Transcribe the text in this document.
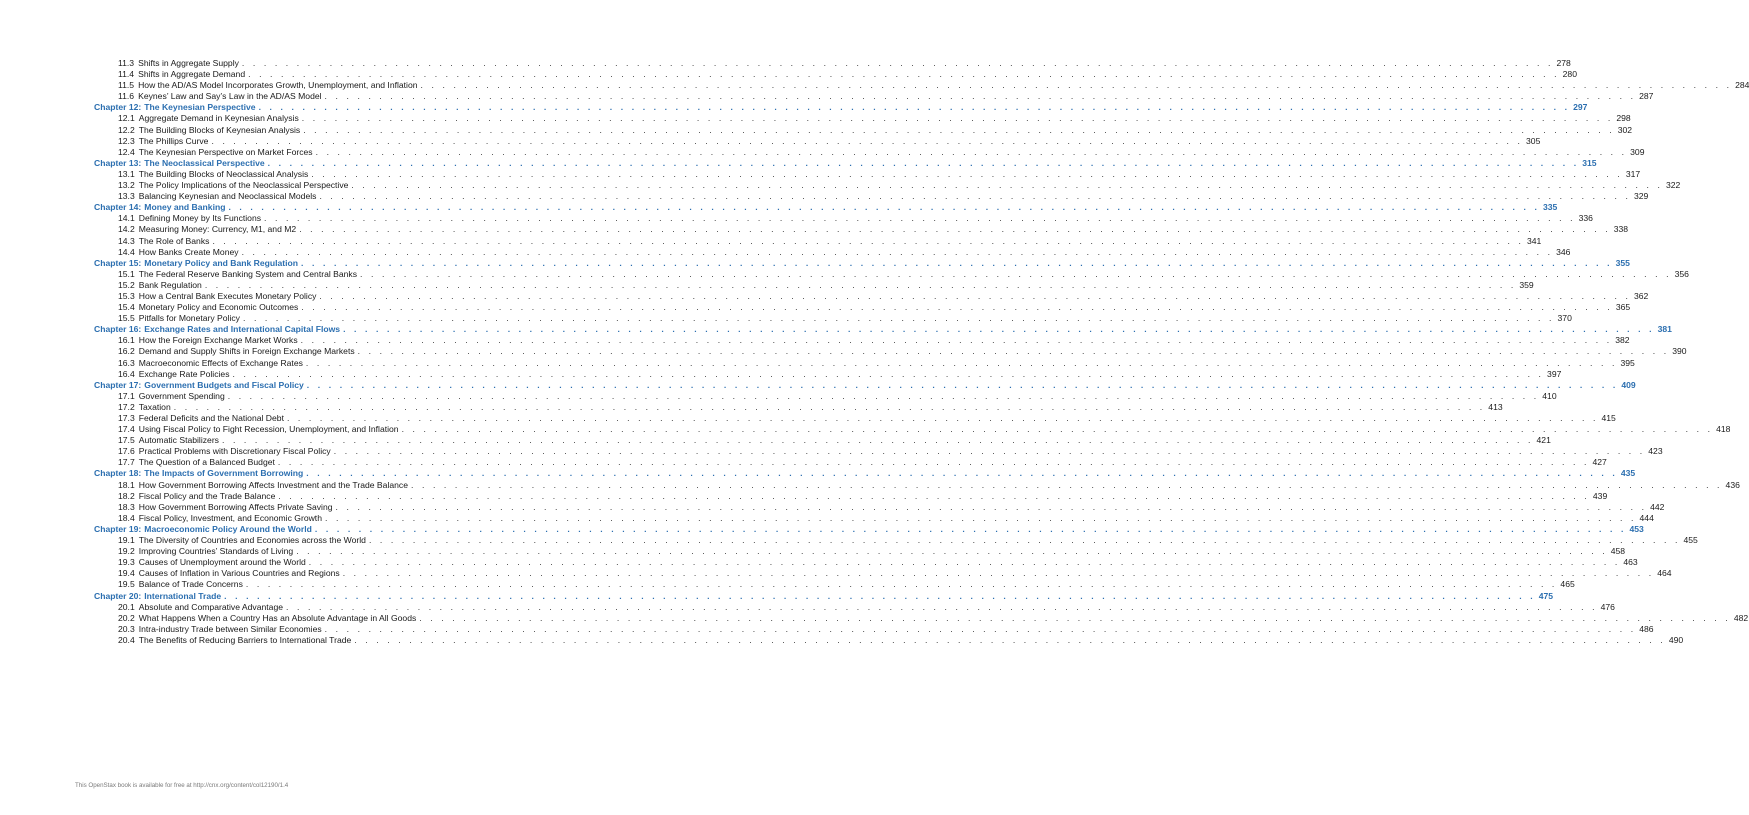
11.3 Shifts in Aggregate Supply . . . . . . . . . . . . . . . . . . . . . . . . . . . . . . . . . . . . . . . . . . . . . . . . . . . . . . . . . . . . . . . . . . . . . . . . . . . . . . . . . . . . . . . . . . . . . . . . . . . . . . . . . . . . . . . . . . . . . . . . 278
11.4 Shifts in Aggregate Demand . . . . . . . . . . . . . . . . . . . . . . . . . . . . . . . . . . . . . . . . . . . . . . . . . . . . . . . . . . . . . . . . . . . . . . . . . . . . . . . . . . . . . . . . . . . . . . . . . . . . . . . . . . . . . . . . . . . . . . . . 280
11.5 How the AD/AS Model Incorporates Growth, Unemployment, and Inflation . . . . . . . . . . . . . . . . . . . . . . . . . . . . . . . . . . . . . . . . . . . . . . . . . . . . . . . . . . . . . . . . . . . . . . . . . . . . . . . . . . . . . . . . . . . . . . . . . . . . . . . . . . . . . . . . . . . . . . . . 284
11.6 Keynes’ Law and Say’s Law in the AD/AS Model . . . . . . . . . . . . . . . . . . . . . . . . . . . . . . . . . . . . . . . . . . . . . . . . . . . . . . . . . . . . . . . . . . . . . . . . . . . . . . . . . . . . . . . . . . . . . . . . . . . . . . . . . . . . . . . . . . . . . . . . 287
Chapter 12: The Keynesian Perspective . . . . . . . . . . . . . . . . . . . . . . . . . . . . . . . . . . . . . . . . . . . . . . . . . . . . . . . . . . . . . . . . . . . . . . . . . . . . . . . . . . . . . . . . . . . . . . . . . . . . . . . . . . . . . . . . . . . . . . . . 297
12.1 Aggregate Demand in Keynesian Analysis . . . . . . . . . . . . . . . . . . . . . . . . . . . . . . . . . . . . . . . . . . . . . . . . . . . . . . . . . . . . . . . . . . . . . . . . . . . . . . . . . . . . . . . . . . . . . . . . . . . . . . . . . . . . . . . . . . . . . . . . 298
12.2 The Building Blocks of Keynesian Analysis . . . . . . . . . . . . . . . . . . . . . . . . . . . . . . . . . . . . . . . . . . . . . . . . . . . . . . . . . . . . . . . . . . . . . . . . . . . . . . . . . . . . . . . . . . . . . . . . . . . . . . . . . . . . . . . . . . . . . . . . 302
12.3 The Phillips Curve . . . . . . . . . . . . . . . . . . . . . . . . . . . . . . . . . . . . . . . . . . . . . . . . . . . . . . . . . . . . . . . . . . . . . . . . . . . . . . . . . . . . . . . . . . . . . . . . . . . . . . . . . . . . . . . . . . . . . . . . 305
12.4 The Keynesian Perspective on Market Forces . . . . . . . . . . . . . . . . . . . . . . . . . . . . . . . . . . . . . . . . . . . . . . . . . . . . . . . . . . . . . . . . . . . . . . . . . . . . . . . . . . . . . . . . . . . . . . . . . . . . . . . . . . . . . . . . . . . . . . . . 309
Chapter 13: The Neoclassical Perspective . . . . . . . . . . . . . . . . . . . . . . . . . . . . . . . . . . . . . . . . . . . . . . . . . . . . . . . . . . . . . . . . . . . . . . . . . . . . . . . . . . . . . . . . . . . . . . . . . . . . . . . . . . . . . . . . . . . . . . . . 315
13.1 The Building Blocks of Neoclassical Analysis . . . . . . . . . . . . . . . . . . . . . . . . . . . . . . . . . . . . . . . . . . . . . . . . . . . . . . . . . . . . . . . . . . . . . . . . . . . . . . . . . . . . . . . . . . . . . . . . . . . . . . . . . . . . . . . . . . . . . . . . 317
13.2 The Policy Implications of the Neoclassical Perspective . . . . . . . . . . . . . . . . . . . . . . . . . . . . . . . . . . . . . . . . . . . . . . . . . . . . . . . . . . . . . . . . . . . . . . . . . . . . . . . . . . . . . . . . . . . . . . . . . . . . . . . . . . . . . . . . . . . . . . . . 322
13.3 Balancing Keynesian and Neoclassical Models . . . . . . . . . . . . . . . . . . . . . . . . . . . . . . . . . . . . . . . . . . . . . . . . . . . . . . . . . . . . . . . . . . . . . . . . . . . . . . . . . . . . . . . . . . . . . . . . . . . . . . . . . . . . . . . . . . . . . . . . 329
Chapter 14: Money and Banking . . . . . . . . . . . . . . . . . . . . . . . . . . . . . . . . . . . . . . . . . . . . . . . . . . . . . . . . . . . . . . . . . . . . . . . . . . . . . . . . . . . . . . . . . . . . . . . . . . . . . . . . . . . . . . . . . . . . . . . . 335
14.1 Defining Money by Its Functions . . . . . . . . . . . . . . . . . . . . . . . . . . . . . . . . . . . . . . . . . . . . . . . . . . . . . . . . . . . . . . . . . . . . . . . . . . . . . . . . . . . . . . . . . . . . . . . . . . . . . . . . . . . . . . . . . . . . . . . . 336
14.2 Measuring Money: Currency, M1, and M2 . . . . . . . . . . . . . . . . . . . . . . . . . . . . . . . . . . . . . . . . . . . . . . . . . . . . . . . . . . . . . . . . . . . . . . . . . . . . . . . . . . . . . . . . . . . . . . . . . . . . . . . . . . . . . . . . . . . . . . . . 338
14.3 The Role of Banks . . . . . . . . . . . . . . . . . . . . . . . . . . . . . . . . . . . . . . . . . . . . . . . . . . . . . . . . . . . . . . . . . . . . . . . . . . . . . . . . . . . . . . . . . . . . . . . . . . . . . . . . . . . . . . . . . . . . . . . . 341
14.4 How Banks Create Money . . . . . . . . . . . . . . . . . . . . . . . . . . . . . . . . . . . . . . . . . . . . . . . . . . . . . . . . . . . . . . . . . . . . . . . . . . . . . . . . . . . . . . . . . . . . . . . . . . . . . . . . . . . . . . . . . . . . . . . . 346
Chapter 15: Monetary Policy and Bank Regulation . . . . . . . . . . . . . . . . . . . . . . . . . . . . . . . . . . . . . . . . . . . . . . . . . . . . . . . . . . . . . . . . . . . . . . . . . . . . . . . . . . . . . . . . . . . . . . . . . . . . . . . . . . . . . . . . . . . . . . . . 355
15.1 The Federal Reserve Banking System and Central Banks . . . . . . . . . . . . . . . . . . . . . . . . . . . . . . . . . . . . . . . . . . . . . . . . . . . . . . . . . . . . . . . . . . . . . . . . . . . . . . . . . . . . . . . . . . . . . . . . . . . . . . . . . . . . . . . . . . . . . . . . 356
15.2 Bank Regulation . . . . . . . . . . . . . . . . . . . . . . . . . . . . . . . . . . . . . . . . . . . . . . . . . . . . . . . . . . . . . . . . . . . . . . . . . . . . . . . . . . . . . . . . . . . . . . . . . . . . . . . . . . . . . . . . . . . . . . . . 359
15.3 How a Central Bank Executes Monetary Policy . . . . . . . . . . . . . . . . . . . . . . . . . . . . . . . . . . . . . . . . . . . . . . . . . . . . . . . . . . . . . . . . . . . . . . . . . . . . . . . . . . . . . . . . . . . . . . . . . . . . . . . . . . . . . . . . . . . . . . . . 362
15.4 Monetary Policy and Economic Outcomes . . . . . . . . . . . . . . . . . . . . . . . . . . . . . . . . . . . . . . . . . . . . . . . . . . . . . . . . . . . . . . . . . . . . . . . . . . . . . . . . . . . . . . . . . . . . . . . . . . . . . . . . . . . . . . . . . . . . . . . . 365
15.5 Pitfalls for Monetary Policy . . . . . . . . . . . . . . . . . . . . . . . . . . . . . . . . . . . . . . . . . . . . . . . . . . . . . . . . . . . . . . . . . . . . . . . . . . . . . . . . . . . . . . . . . . . . . . . . . . . . . . . . . . . . . . . . . . . . . . . . 370
Chapter 16: Exchange Rates and International Capital Flows . . . . . . . . . . . . . . . . . . . . . . . . . . . . . . . . . . . . . . . . . . . . . . . . . . . . . . . . . . . . . . . . . . . . . . . . . . . . . . . . . . . . . . . . . . . . . . . . . . . . . . . . . . . . . . . . . . . . . . . . 381
16.1 How the Foreign Exchange Market Works . . . . . . . . . . . . . . . . . . . . . . . . . . . . . . . . . . . . . . . . . . . . . . . . . . . . . . . . . . . . . . . . . . . . . . . . . . . . . . . . . . . . . . . . . . . . . . . . . . . . . . . . . . . . . . . . . . . . . . . . 382
16.2 Demand and Supply Shifts in Foreign Exchange Markets . . . . . . . . . . . . . . . . . . . . . . . . . . . . . . . . . . . . . . . . . . . . . . . . . . . . . . . . . . . . . . . . . . . . . . . . . . . . . . . . . . . . . . . . . . . . . . . . . . . . . . . . . . . . . . . . . . . . . . . . 390
16.3 Macroeconomic Effects of Exchange Rates . . . . . . . . . . . . . . . . . . . . . . . . . . . . . . . . . . . . . . . . . . . . . . . . . . . . . . . . . . . . . . . . . . . . . . . . . . . . . . . . . . . . . . . . . . . . . . . . . . . . . . . . . . . . . . . . . . . . . . . . 395
16.4 Exchange Rate Policies . . . . . . . . . . . . . . . . . . . . . . . . . . . . . . . . . . . . . . . . . . . . . . . . . . . . . . . . . . . . . . . . . . . . . . . . . . . . . . . . . . . . . . . . . . . . . . . . . . . . . . . . . . . . . . . . . . . . . . . . 397
Chapter 17: Government Budgets and Fiscal Policy . . . . . . . . . . . . . . . . . . . . . . . . . . . . . . . . . . . . . . . . . . . . . . . . . . . . . . . . . . . . . . . . . . . . . . . . . . . . . . . . . . . . . . . . . . . . . . . . . . . . . . . . . . . . . . . . . . . . . . . . 409
17.1 Government Spending . . . . . . . . . . . . . . . . . . . . . . . . . . . . . . . . . . . . . . . . . . . . . . . . . . . . . . . . . . . . . . . . . . . . . . . . . . . . . . . . . . . . . . . . . . . . . . . . . . . . . . . . . . . . . . . . . . . . . . . . 410
17.2 Taxation . . . . . . . . . . . . . . . . . . . . . . . . . . . . . . . . . . . . . . . . . . . . . . . . . . . . . . . . . . . . . . . . . . . . . . . . . . . . . . . . . . . . . . . . . . . . . . . . . . . . . . . . . . . . . . . . . . . . . . . . 413
17.3 Federal Deficits and the National Debt . . . . . . . . . . . . . . . . . . . . . . . . . . . . . . . . . . . . . . . . . . . . . . . . . . . . . . . . . . . . . . . . . . . . . . . . . . . . . . . . . . . . . . . . . . . . . . . . . . . . . . . . . . . . . . . . . . . . . . . . 415
17.4 Using Fiscal Policy to Fight Recession, Unemployment, and Inflation . . . . . . . . . . . . . . . . . . . . . . . . . . . . . . . . . . . . . . . . . . . . . . . . . . . . . . . . . . . . . . . . . . . . . . . . . . . . . . . . . . . . . . . . . . . . . . . . . . . . . . . . . . . . . . . . . . . . . . . . 418
17.5 Automatic Stabilizers . . . . . . . . . . . . . . . . . . . . . . . . . . . . . . . . . . . . . . . . . . . . . . . . . . . . . . . . . . . . . . . . . . . . . . . . . . . . . . . . . . . . . . . . . . . . . . . . . . . . . . . . . . . . . . . . . . . . . . . . 421
17.6 Practical Problems with Discretionary Fiscal Policy . . . . . . . . . . . . . . . . . . . . . . . . . . . . . . . . . . . . . . . . . . . . . . . . . . . . . . . . . . . . . . . . . . . . . . . . . . . . . . . . . . . . . . . . . . . . . . . . . . . . . . . . . . . . . . . . . . . . . . . . 423
17.7 The Question of a Balanced Budget . . . . . . . . . . . . . . . . . . . . . . . . . . . . . . . . . . . . . . . . . . . . . . . . . . . . . . . . . . . . . . . . . . . . . . . . . . . . . . . . . . . . . . . . . . . . . . . . . . . . . . . . . . . . . . . . . . . . . . . . 427
Chapter 18: The Impacts of Government Borrowing . . . . . . . . . . . . . . . . . . . . . . . . . . . . . . . . . . . . . . . . . . . . . . . . . . . . . . . . . . . . . . . . . . . . . . . . . . . . . . . . . . . . . . . . . . . . . . . . . . . . . . . . . . . . . . . . . . . . . . . . 435
18.1 How Government Borrowing Affects Investment and the Trade Balance . . . . . . . . . . . . . . . . . . . . . . . . . . . . . . . . . . . . . . . . . . . . . . . . . . . . . . . . . . . . . . . . . . . . . . . . . . . . . . . . . . . . . . . . . . . . . . . . . . . . . . . . . . . . . . . . . . . . . . . . 436
18.2 Fiscal Policy and the Trade Balance . . . . . . . . . . . . . . . . . . . . . . . . . . . . . . . . . . . . . . . . . . . . . . . . . . . . . . . . . . . . . . . . . . . . . . . . . . . . . . . . . . . . . . . . . . . . . . . . . . . . . . . . . . . . . . . . . . . . . . . . 439
18.3 How Government Borrowing Affects Private Saving . . . . . . . . . . . . . . . . . . . . . . . . . . . . . . . . . . . . . . . . . . . . . . . . . . . . . . . . . . . . . . . . . . . . . . . . . . . . . . . . . . . . . . . . . . . . . . . . . . . . . . . . . . . . . . . . . . . . . . . . 442
18.4 Fiscal Policy, Investment, and Economic Growth . . . . . . . . . . . . . . . . . . . . . . . . . . . . . . . . . . . . . . . . . . . . . . . . . . . . . . . . . . . . . . . . . . . . . . . . . . . . . . . . . . . . . . . . . . . . . . . . . . . . . . . . . . . . . . . . . . . . . . . . 444
Chapter 19: Macroeconomic Policy Around the World . . . . . . . . . . . . . . . . . . . . . . . . . . . . . . . . . . . . . . . . . . . . . . . . . . . . . . . . . . . . . . . . . . . . . . . . . . . . . . . . . . . . . . . . . . . . . . . . . . . . . . . . . . . . . . . . . . . . . . . . 453
19.1 The Diversity of Countries and Economies across the World . . . . . . . . . . . . . . . . . . . . . . . . . . . . . . . . . . . . . . . . . . . . . . . . . . . . . . . . . . . . . . . . . . . . . . . . . . . . . . . . . . . . . . . . . . . . . . . . . . . . . . . . . . . . . . . . . . . . . . . . 455
19.2 Improving Countries’ Standards of Living . . . . . . . . . . . . . . . . . . . . . . . . . . . . . . . . . . . . . . . . . . . . . . . . . . . . . . . . . . . . . . . . . . . . . . . . . . . . . . . . . . . . . . . . . . . . . . . . . . . . . . . . . . . . . . . . . . . . . . . . 458
19.3 Causes of Unemployment around the World . . . . . . . . . . . . . . . . . . . . . . . . . . . . . . . . . . . . . . . . . . . . . . . . . . . . . . . . . . . . . . . . . . . . . . . . . . . . . . . . . . . . . . . . . . . . . . . . . . . . . . . . . . . . . . . . . . . . . . . . 463
19.4 Causes of Inflation in Various Countries and Regions . . . . . . . . . . . . . . . . . . . . . . . . . . . . . . . . . . . . . . . . . . . . . . . . . . . . . . . . . . . . . . . . . . . . . . . . . . . . . . . . . . . . . . . . . . . . . . . . . . . . . . . . . . . . . . . . . . . . . . . . 464
19.5 Balance of Trade Concerns . . . . . . . . . . . . . . . . . . . . . . . . . . . . . . . . . . . . . . . . . . . . . . . . . . . . . . . . . . . . . . . . . . . . . . . . . . . . . . . . . . . . . . . . . . . . . . . . . . . . . . . . . . . . . . . . . . . . . . . . 465
Chapter 20: International Trade . . . . . . . . . . . . . . . . . . . . . . . . . . . . . . . . . . . . . . . . . . . . . . . . . . . . . . . . . . . . . . . . . . . . . . . . . . . . . . . . . . . . . . . . . . . . . . . . . . . . . . . . . . . . . . . . . . . . . . . . 475
20.1 Absolute and Comparative Advantage . . . . . . . . . . . . . . . . . . . . . . . . . . . . . . . . . . . . . . . . . . . . . . . . . . . . . . . . . . . . . . . . . . . . . . . . . . . . . . . . . . . . . . . . . . . . . . . . . . . . . . . . . . . . . . . . . . . . . . . . 476
20.2 What Happens When a Country Has an Absolute Advantage in All Goods . . . . . . . . . . . . . . . . . . . . . . . . . . . . . . . . . . . . . . . . . . . . . . . . . . . . . . . . . . . . . . . . . . . . . . . . . . . . . . . . . . . . . . . . . . . . . . . . . . . . . . . . . . . . . . . . . . . . . . . . 482
20.3 Intra-industry Trade between Similar Economies . . . . . . . . . . . . . . . . . . . . . . . . . . . . . . . . . . . . . . . . . . . . . . . . . . . . . . . . . . . . . . . . . . . . . . . . . . . . . . . . . . . . . . . . . . . . . . . . . . . . . . . . . . . . . . . . . . . . . . . . 486
20.4 The Benefits of Reducing Barriers to International Trade . . . . . . . . . . . . . . . . . . . . . . . . . . . . . . . . . . . . . . . . . . . . . . . . . . . . . . . . . . . . . . . . . . . . . . . . . . . . . . . . . . . . . . . . . . . . . . . . . . . . . . . . . . . . . . . . . . . . . . . . 490
This OpenStax book is available for free at http://cnx.org/content/col12190/1.4
